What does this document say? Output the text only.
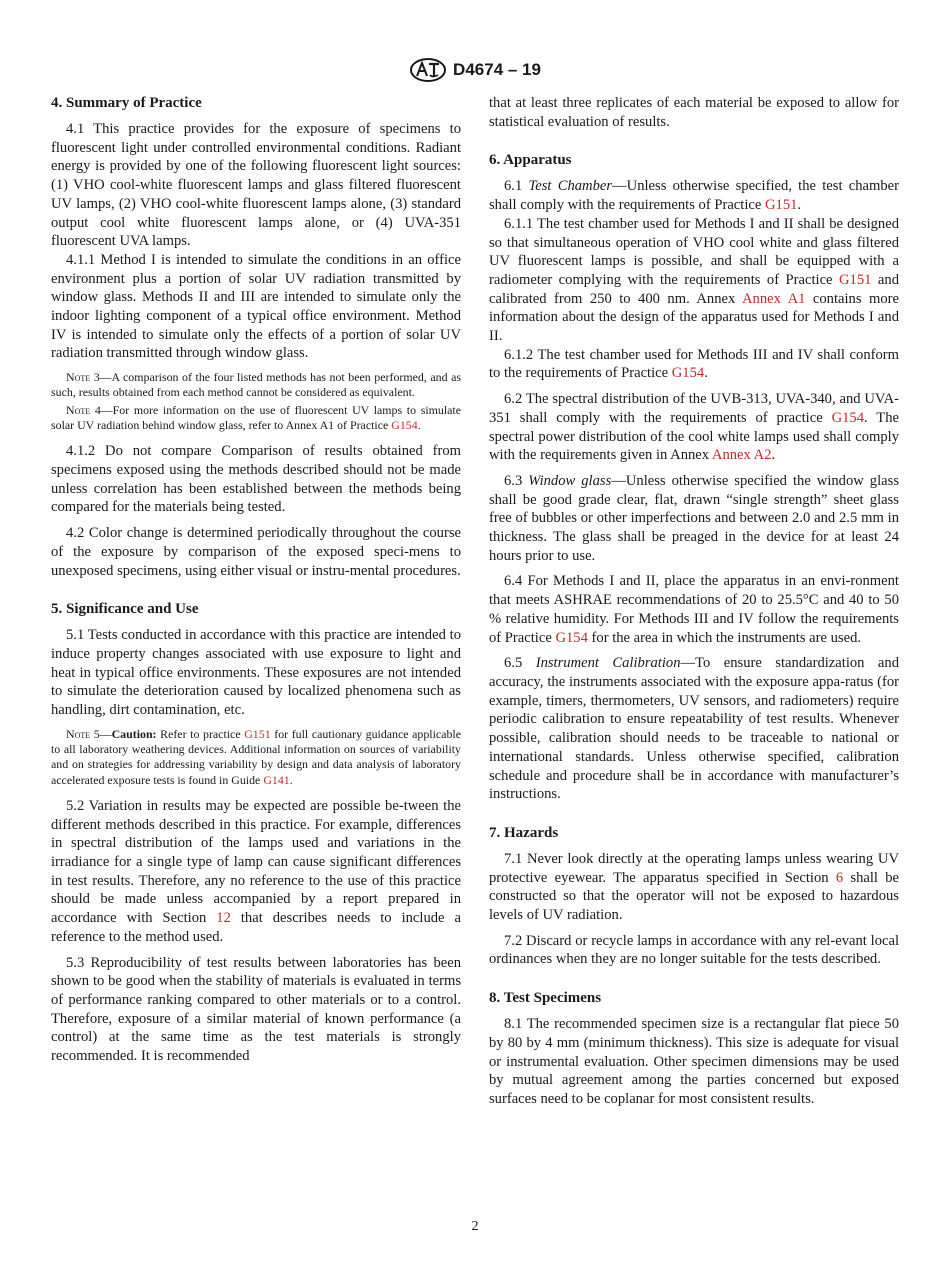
D4674 – 19
4. Summary of Practice

4.1 This practice provides for the exposure of specimens to fluorescent light under controlled environmental conditions. Radiant energy is provided by one of the following fluorescent light sources: (1) VHO cool-white fluorescent lamps and glass filtered fluorescent UV lamps, (2) VHO cool-white fluorescent lamps alone, (3) standard output cool white fluorescent lamps alone, or (4) UVA-351 fluorescent UVA lamps.

4.1.1 Method I is intended to simulate the conditions in an office environment plus a portion of solar UV radiation transmitted by window glass. Methods II and III are intended to simulate only the indoor lighting component of a typical office environment. Method IV is intended to simulate only the effects of a portion of solar UV radiation transmitted through window glass.

Note 3—A comparison of the four listed methods has not been performed, and as such, results obtained from each method cannot be considered as equivalent.

Note 4—For more information on the use of fluorescent UV lamps to simulate solar UV radiation behind window glass, refer to Annex A1 of Practice G154.

4.1.2 Do not compare Comparison of results obtained from specimens exposed using the methods described should not be made unless correlation has been established between the methods being compared for the materials being tested.

4.2 Color change is determined periodically throughout the course of the exposure by comparison of the exposed speci-mens to unexposed specimens, using either visual or instru-mental procedures.

5. Significance and Use

5.1 Tests conducted in accordance with this practice are intended to induce property changes associated with use exposure to light and heat in typical office environments. These exposures are not intended to simulate the deterioration caused by localized phenomena such as handling, dirt contamination, etc.

Note 5—Caution: Refer to practice G151 for full cautionary guidance applicable to all laboratory weathering devices. Additional information on sources of variability and on strategies for addressing variability by design and data analysis of laboratory accelerated exposure tests is found in Guide G141.

5.2 Variation in results may be expected are possible be-tween the different methods described in this practice. For example, differences in spectral distribution of the lamps used and variations in the irradiance for a single type of lamp can cause significant differences in test results. Therefore, any no reference to the use of this practice should be made unless accompanied by a report prepared in accordance with Section 12 that describes needs to include a reference to the method used.

5.3 Reproducibility of test results between laboratories has been shown to be good when the stability of materials is evaluated in terms of performance ranking compared to other materials or to a control. Therefore, exposure of a similar material of known performance (a control) at the same time as the test materials is strongly recommended. It is recommended

that at least three replicates of each material be exposed to allow for statistical evaluation of results.

6. Apparatus

6.1 Test Chamber—Unless otherwise specified, the test chamber shall comply with the requirements of Practice G151.

6.1.1 The test chamber used for Methods I and II shall be designed so that simultaneous operation of VHO cool white and glass filtered UV fluorescent lamps is possible, and shall be equipped with a radiometer complying with the requirements of Practice G151 and calibrated from 250 to 400 nm. Annex Annex A1 contains more information about the design of the apparatus used for Methods I and II.

6.1.2 The test chamber used for Methods III and IV shall conform to the requirements of Practice G154.

6.2 The spectral distribution of the UVB-313, UVA-340, and UVA-351 shall comply with the requirements of practice G154. The spectral power distribution of the cool white lamps used shall comply with the requirements given in Annex Annex A2.

6.3 Window glass—Unless otherwise specified the window glass shall be good grade clear, flat, drawn “single strength” sheet glass free of bubbles or other imperfections and between 2.0 and 2.5 mm in thickness. The glass shall be preaged in the device for at least 24 hours prior to use.

6.4 For Methods I and II, place the apparatus in an envi-ronment that meets ASHRAE recommendations of 20 to 25.5°C and 40 to 50 % relative humidity. For Methods III and IV follow the requirements of Practice G154 for the area in which the instruments are used.

6.5 Instrument Calibration—To ensure standardization and accuracy, the instruments associated with the exposure appa-ratus (for example, timers, thermometers, UV sensors, and radiometers) require periodic calibration to ensure repeatability of test results. Whenever possible, calibration should needs to be traceable to national or international standards. Unless otherwise specified, calibration schedule and procedure shall be in accordance with manufacturer’s instructions.

7. Hazards

7.1 Never look directly at the operating lamps unless wearing UV protective eyewear. The apparatus specified in Section 6 shall be constructed so that the operator will not be exposed to hazardous levels of UV radiation.

7.2 Discard or recycle lamps in accordance with any rel-evant local ordinances when they are no longer suitable for the tests described.

8. Test Specimens

8.1 The recommended specimen size is a rectangular flat piece 50 by 80 by 4 mm (minimum thickness). This size is adequate for visual or instrumental evaluation. Other specimen dimensions may be used by mutual agreement among the parties concerned but exposed surfaces need to be coplanar for most consistent results.

2
